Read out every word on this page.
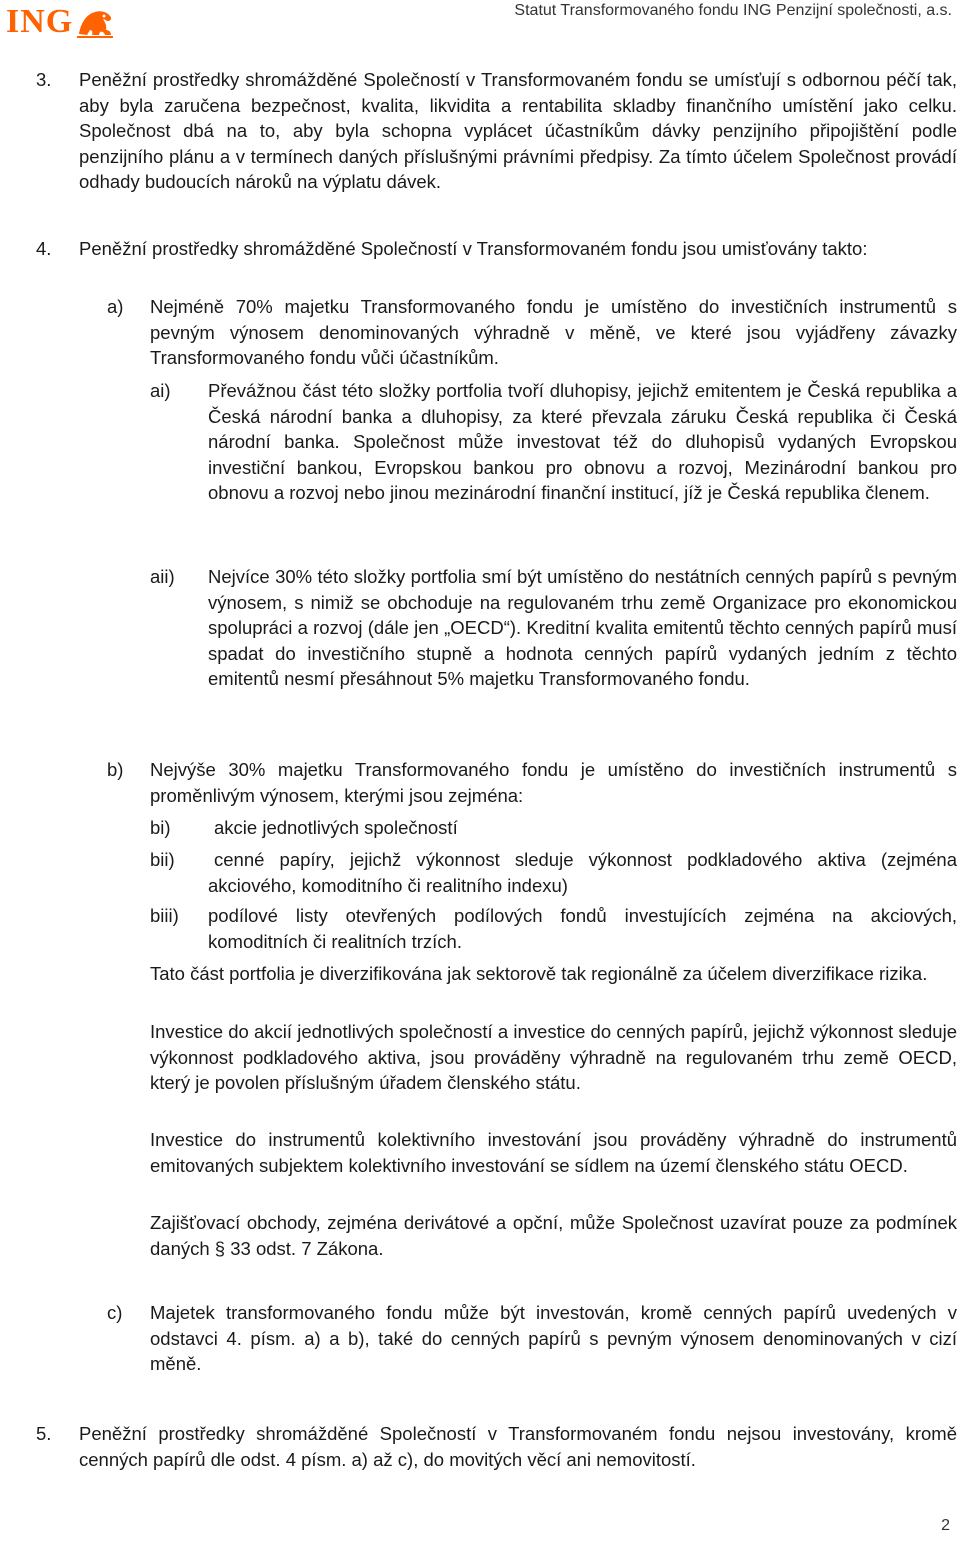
ING	Statut Transformovaného fondu ING Penzijní společnosti, a.s.
3. Peněžní prostředky shromážděné Společností v Transformovaném fondu se umísťují s odbornou péčí tak, aby byla zaručena bezpečnost, kvalita, likvidita a rentabilita skladby finančního umístění jako celku. Společnost dbá na to, aby byla schopna vyplácet účastníkům dávky penzijního připojištění podle penzijního plánu a v termínech daných příslušnými právními předpisy. Za tímto účelem Společnost provádí odhady budoucích nároků na výplatu dávek.
4. Peněžní prostředky shromážděné Společností v Transformovaném fondu jsou umisťovány takto:
a) Nejméně 70% majetku Transformovaného fondu je umístěno do investičních instrumentů s pevným výnosem denominovaných výhradně v měně, ve které jsou vyjádřeny závazky Transformovaného fondu vůči účastníkům.
ai) Převážnou část této složky portfolia tvoří dluhopisy, jejichž emitentem je Česká republika a Česká národní banka a dluhopisy, za které převzala záruku Česká republika či Česká národní banka. Společnost může investovat též do dluhopisů vydaných Evropskou investiční bankou, Evropskou bankou pro obnovu a rozvoj, Mezinárodní bankou pro obnovu a rozvoj nebo jinou mezinárodní finanční institucí, jíž je Česká republika členem.
aii) Nejvíce 30% této složky portfolia smí být umístěno do nestátních cenných papírů s pevným výnosem, s nimiž se obchoduje na regulovaném trhu země Organizace pro ekonomickou spolupráci a rozvoj (dále jen „OECD“). Kreditní kvalita emitentů těchto cenných papírů musí spadat do investičního stupně a hodnota cenných papírů vydaných jedním z těchto emitentů nesmí přesáhnout 5% majetku Transformovaného fondu.
b) Nejvýše 30% majetku Transformovaného fondu je umístěno do investičních instrumentů s proměnlivým výnosem, kterými jsou zejména:
bi) akcie jednotlivých společností
bii)	cenné papíry, jejichž výkonnost sleduje výkonnost podkladového aktiva (zejména akciového, komoditního či realitního indexu)
biii) podílové listy otevřených podílových fondů investujících zejména na akciových, komoditních či realitních trzích.
Tato část portfolia je diverzifikována jak sektorově tak regionálně za účelem diverzifikace rizika.
Investice do akcií jednotlivých společností a investice do cenných papírů, jejichž výkonnost sleduje výkonnost podkladového aktiva, jsou prováděny výhradně na regulovaném trhu země OECD, který je povolen příslušným úřadem členského státu.
Investice do instrumentů kolektivního investování jsou prováděny výhradně do instrumentů emitovaných subjektem kolektivního investování se sídlem na území členského státu OECD.
Zajišťovací obchody, zejména derivátové a opční, může Společnost uzavírat pouze za podmínek daných § 33 odst. 7 Zákona.
c) Majetek transformovaného fondu může být investován, kromě cenných papírů uvedených v odstavci 4. písm. a) a b), také do cenných papírů s pevným výnosem denominovaných v cizí měně.
5. Peněžní prostředky shromážděné Společností v Transformovaném fondu nejsou investovány, kromě cenných papírů dle odst. 4 písm. a) až c), do movitých věcí ani nemovitostí.
2
